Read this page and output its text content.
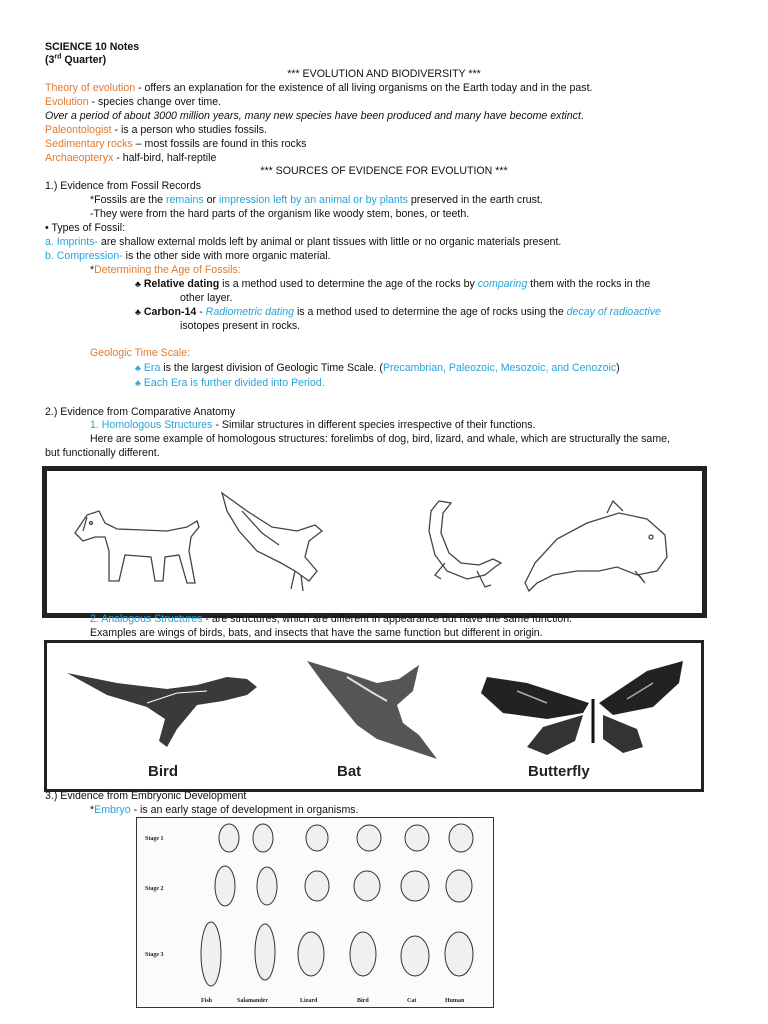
SCIENCE 10 Notes
(3rd Quarter)
*** EVOLUTION AND BIODIVERSITY ***
Theory of evolution - offers an explanation for the existence of all living organisms on the Earth today and in the past.
Evolution - species change over time.
Over a period of about 3000 million years, many new species have been produced and many have become extinct.
Paleontologist - is a person who studies fossils.
Sedimentary rocks – most fossils are found in this rocks
Archaeopteryx - half-bird, half-reptile
*** SOURCES OF EVIDENCE FOR EVOLUTION ***
1.) Evidence from Fossil Records
*Fossils are the remains or impression left by an animal or by plants preserved in the earth crust.
-They were from the hard parts of the organism like woody stem, bones, or teeth.
• Types of Fossil:
a. Imprints- are shallow external molds left by animal or plant tissues with little or no organic materials present.
b. Compression- is the other side with more organic material.
*Determining the Age of Fossils:
♣ Relative dating is a method used to determine the age of the rocks by comparing them with the rocks in the
other layer.
♣ Carbon-14 - Radiometric dating is a method used to determine the age of rocks using the decay of radioactive
isotopes present in rocks.
Geologic Time Scale:
♣ Era is the largest division of Geologic Time Scale. (Precambrian, Paleozoic, Mesozoic, and Cenozoic)
♣ Each Era is further divided into Period.
2.) Evidence from Comparative Anatomy
1. Homologous Structures - Similar structures in different species irrespective of their functions.
Here are some example of homologous structures: forelimbs of dog, bird, lizard, and whale, which are structurally the same,
but functionally different.
2. Analogous Structures - are structures, which are different in appearance but have the same function.
Examples are wings of birds, bats, and insects that have the same function but different in origin.
Bird	Bat	Butterfly
3.) Evidence from Embryonic Development
*Embryo - is an early stage of development in organisms.
Stage 1
Stage 2
Stage 3
Fish	Salamander	Lizard	Bird	Cat	Human
